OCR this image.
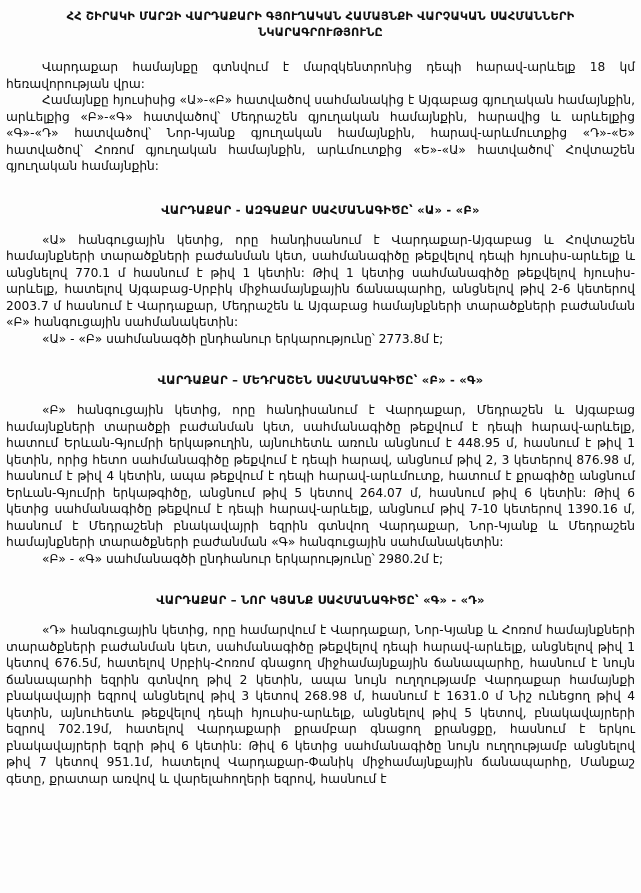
ՀՀ ՇԻՐԱԿԻ ՄԱՐԶԻ ՎԱՐԴԱՔԱՐԻ ԳՅՈՒՂԱԿԱՆ ՀԱՄԱՅՆՔԻ ՎԱՐՉԱԿԱՆ ՍԱՀՄԱՆՆԵՐԻ
ՆԿԱՐԱԳՐՈՒԹՅՈՒՆԸ

Վարդաքար համայնքը գտնվում է մարզկենտրոնից դեպի հարավ-արևելք 18 կմ հեռավորության վրա:

Համայնքը հյուսիսից «Ա»-«Բ» հատվածով սահմանակից է Այգաբաց գյուղական համայնքին, արևելքից «Բ»-«Գ» հատվածով՝ Մեդրաշեն գյուղական համայնքին, հարավից և արևելքից «Գ»-«Դ» հատվածով՝ Նոր-Կյանք գյուղական համայնքին, հարավ-արևմուտքից «Դ»-«Ե» հատվածով՝ Հոռոմ գյուղական համայնքին, արևմուտքից «Ե»-«Ա» հատվածով՝ Հովտաշեն գյուղական համայնքին:

ՎԱՐԴԱՔԱՐ - ԱԶԳԱՔԱՐ ՍԱՀՄԱՆԱԳԻԾԸ՝ «Ա» - «Բ»

«Ա» հանգուցային կետից, որը հանդիսանում է Վարդաքար-Այգաբաց և Հովտաշեն համայնքների տարածքների բաժանման կետ, սահմանագիծը թեքվելով դեպի հյուսիս-արևելք և անցնելով 770.1 մ հասնում է թիվ 1 կետին: Թիվ 1 կետից սահմանագիծը թեքվելով հյուսիս-արևելք, հատելով Այգաբաց-Սրբիկ միջհամայնքային ճանապարհը, անցնելով թիվ 2-6 կետերով 2003.7 մ հասնում է Վարդաքար, Մեդրաշեն և Այգաբաց համայնքների տարածքների բաժանման «Բ» հանգուցային սահմանակետին:

«Ա» - «Բ» սահմանագծի ընդհանուր երկարությունը՝ 2773.8մ է;

ՎԱՐԴԱՔԱՐ – ՄԵԴՐԱՇԵՆ ՍԱՀՄԱՆԱԳԻԾԸ՝ «Բ» - «Գ»

«Բ» հանգուցային կետից, որը հանդիսանում է Վարդաքար, Մեդրաշեն և Այգաբաց համայնքների տարածքի բաժանման կետ, սահմանագիծը թեքվում է դեպի հարավ-արևելք, հատում Երևան-Գյումրի երկաթուղին, այնուհետև առուն անցնում է 448.95 մ, հասնում է թիվ 1 կետին, որից հետո սահմանագիծը թեքվում է դեպի հարավ, անցնում թիվ 2, 3 կետերով 876.98 մ, հասնում է թիվ 4 կետին, ապա թեքվում է դեպի հարավ-արևմուտք, հատում է քրագիծը անցնում Երևան-Գյումրի երկաթգիծը, անցնում թիվ 5 կետով 264.07 մ, հասնում թիվ 6 կետին: Թիվ 6 կետից սահմանագիծը թեքվում է դեպի հարավ-արևելք, անցնում թիվ 7-10 կետերով 1390.16 մ, հասնում է Մեդրաշենի բնակավայրի եզրին գտնվող Վարդաքար, Նոր-Կյանք և Մեդրաշեն համայնքների տարածքների բաժանման «Գ» հանգուցային սահմանակետին:

«Բ» - «Գ» սահմանագծի ընդհանուր երկարությունը՝ 2980.2մ է;

ՎԱՐԴԱՔԱՐ – ՆՈՐ ԿՅԱՆՔ ՍԱՀՄԱՆԱԳԻԾԸ՝ «Գ» - «Դ»

«Դ» հանգուցային կետից, որը համարվում է Վարդաքար, Նոր-Կյանք և Հոռոմ համայնքների տարածքների բաժանման կետ, սահմանագիծը թեքվելով դեպի հարավ-արևելք, անցնելով թիվ 1 կետով 676.5մ, հատելով Սրբիկ-Հոռոմ գնացող միջհամայնքային ճանապարհը, հասնում է նույն ճանապարհի եզրին գտնվող թիվ 2 կետին, ապա նույն ուղղությամբ Վարդաքար համայնքի բնակավայրի եզրով անցնելով թիվ 3 կետով 268.98 մ, հասնում է 1631.0 մ Նիշ ունեցող թիվ 4 կետին, այնուհետև թեքվելով դեպի հյուսիս-արևելք, անցնելով թիվ 5 կետով, բնակավայրերի եզրով 702.19մ, հատելով Վարդաքարի քրամբար գնացող քրանցքը, հասնում է երկու բնակավայրերի եզրի թիվ 6 կետին: Թիվ 6 կետից սահմանագիծը նույն ուղղությամբ անցնելով թիվ 7 կետով 951.1մ, հատելով Վարդաքար-Փանիկ միջհամայնքային ճանապարհը, Մանքաշ գետը, քրատար առվով և վարելահողերի եզրով, հասնում է
